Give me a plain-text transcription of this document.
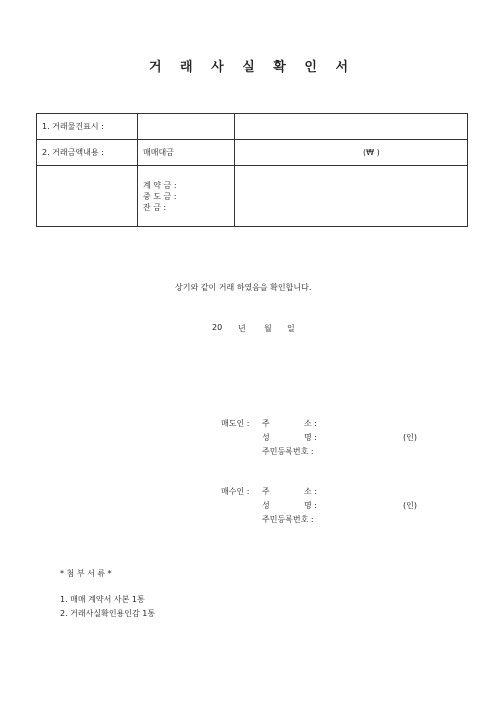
거 래 사 실 확 인 서
1. 거래물건표시 :		
2. 거래금액내용 :	매매대금	(₩ )

	계 약 금 :
중 도 금 :
잔 금 :	

상기와 같이 거래 하였음을 확인합니다.
20 년 월 일
매도인 : 주	소 :
성	명 :	(인)
주민등록번호 :
매수인 : 주	소 :
성	명 :	(인)
주민등록번호 :
* 첨 부 서 류 *
1. 매매 계약서 사본 1통
2. 거래사실확인용인감 1통
